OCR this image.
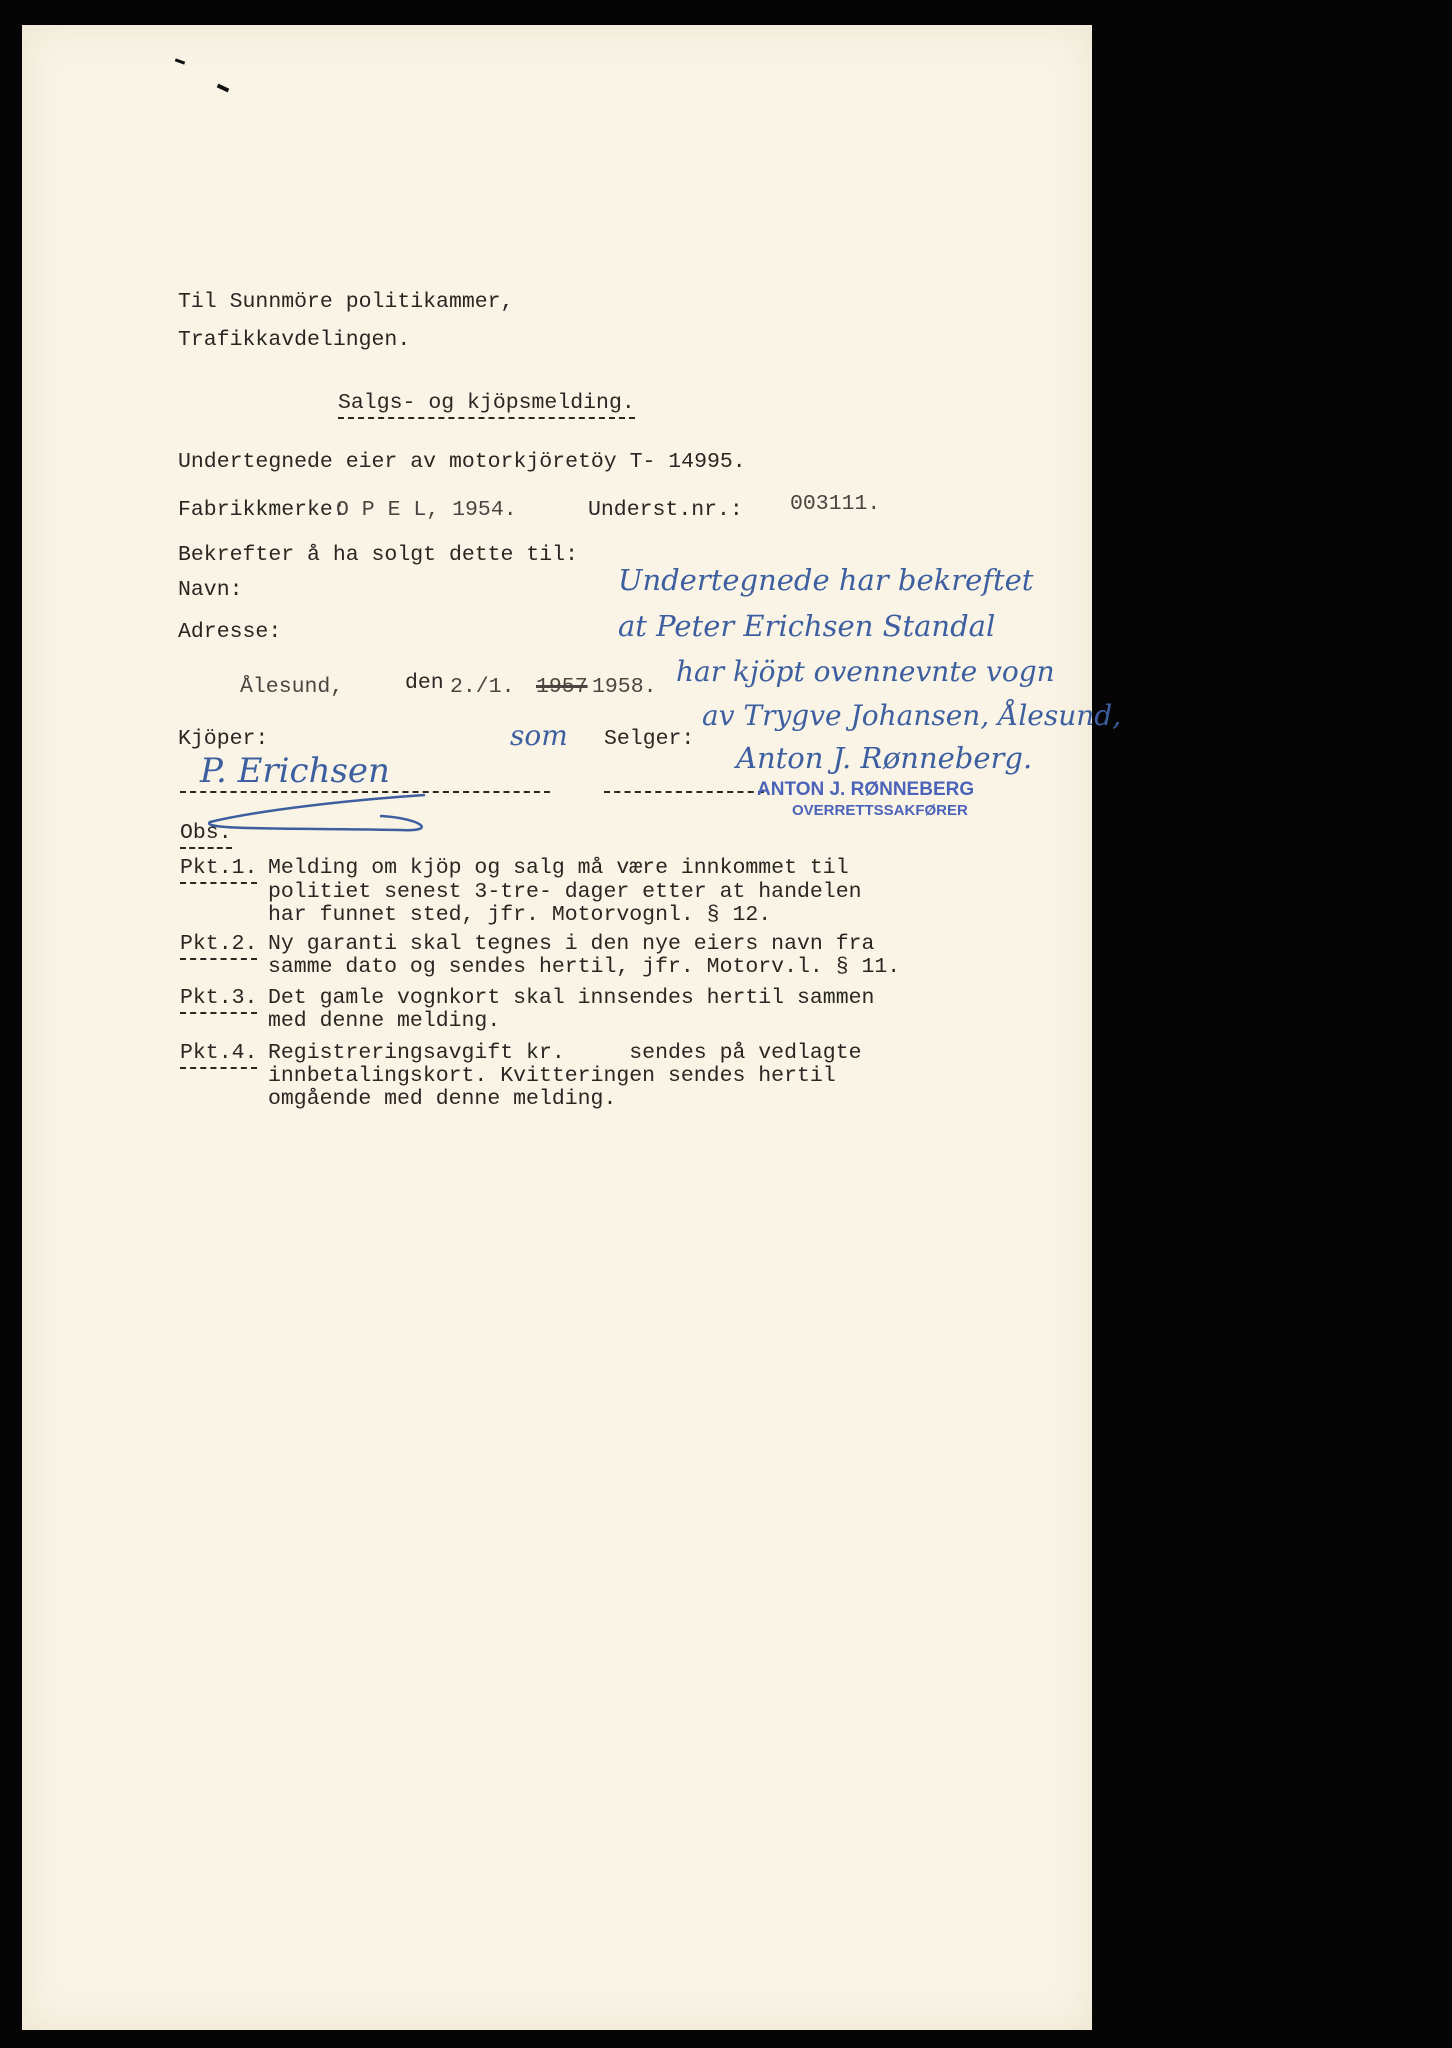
Til Sunnmöre politikammer,
Trafikkavdelingen.
Salgs- og kjöpsmelding.
Undertegnede eier av motorkjöretöy T- 14995.
Fabrikkmerke:
O P E L, 1954.	Underst.nr.: 003111.
Bekrefter å ha solgt dette til:
Navn:
Adresse:
Ålesund,	den 2./1. 1957 1958.
Kjöper:	Selger:
Undertegnede har bekreftet
at Peter Erichsen Standal
har kjöpt ovennevnte vogn
av Trygve Johansen, Ålesund,
som
P. Erichsen	Anton J. Rønneberg.
ANTON J. RØNNEBERG
OVERRETTSSAKFØRER
Obs.
Pkt.1. Melding om kjöp og salg må være innkommet til
politiet senest 3-tre- dager etter at handelen
har funnet sted, jfr. Motorvognl. § 12.
Pkt.2. Ny garanti skal tegnes i den nye eiers navn fra
samme dato og sendes hertil, jfr. Motorv.l. § 11.
Pkt.3. Det gamle vognkort skal innsendes hertil sammen
med denne melding.
Pkt.4. Registreringsavgift kr.     sendes på vedlagte
innbetalingskort. Kvitteringen sendes hertil
omgående med denne melding.
